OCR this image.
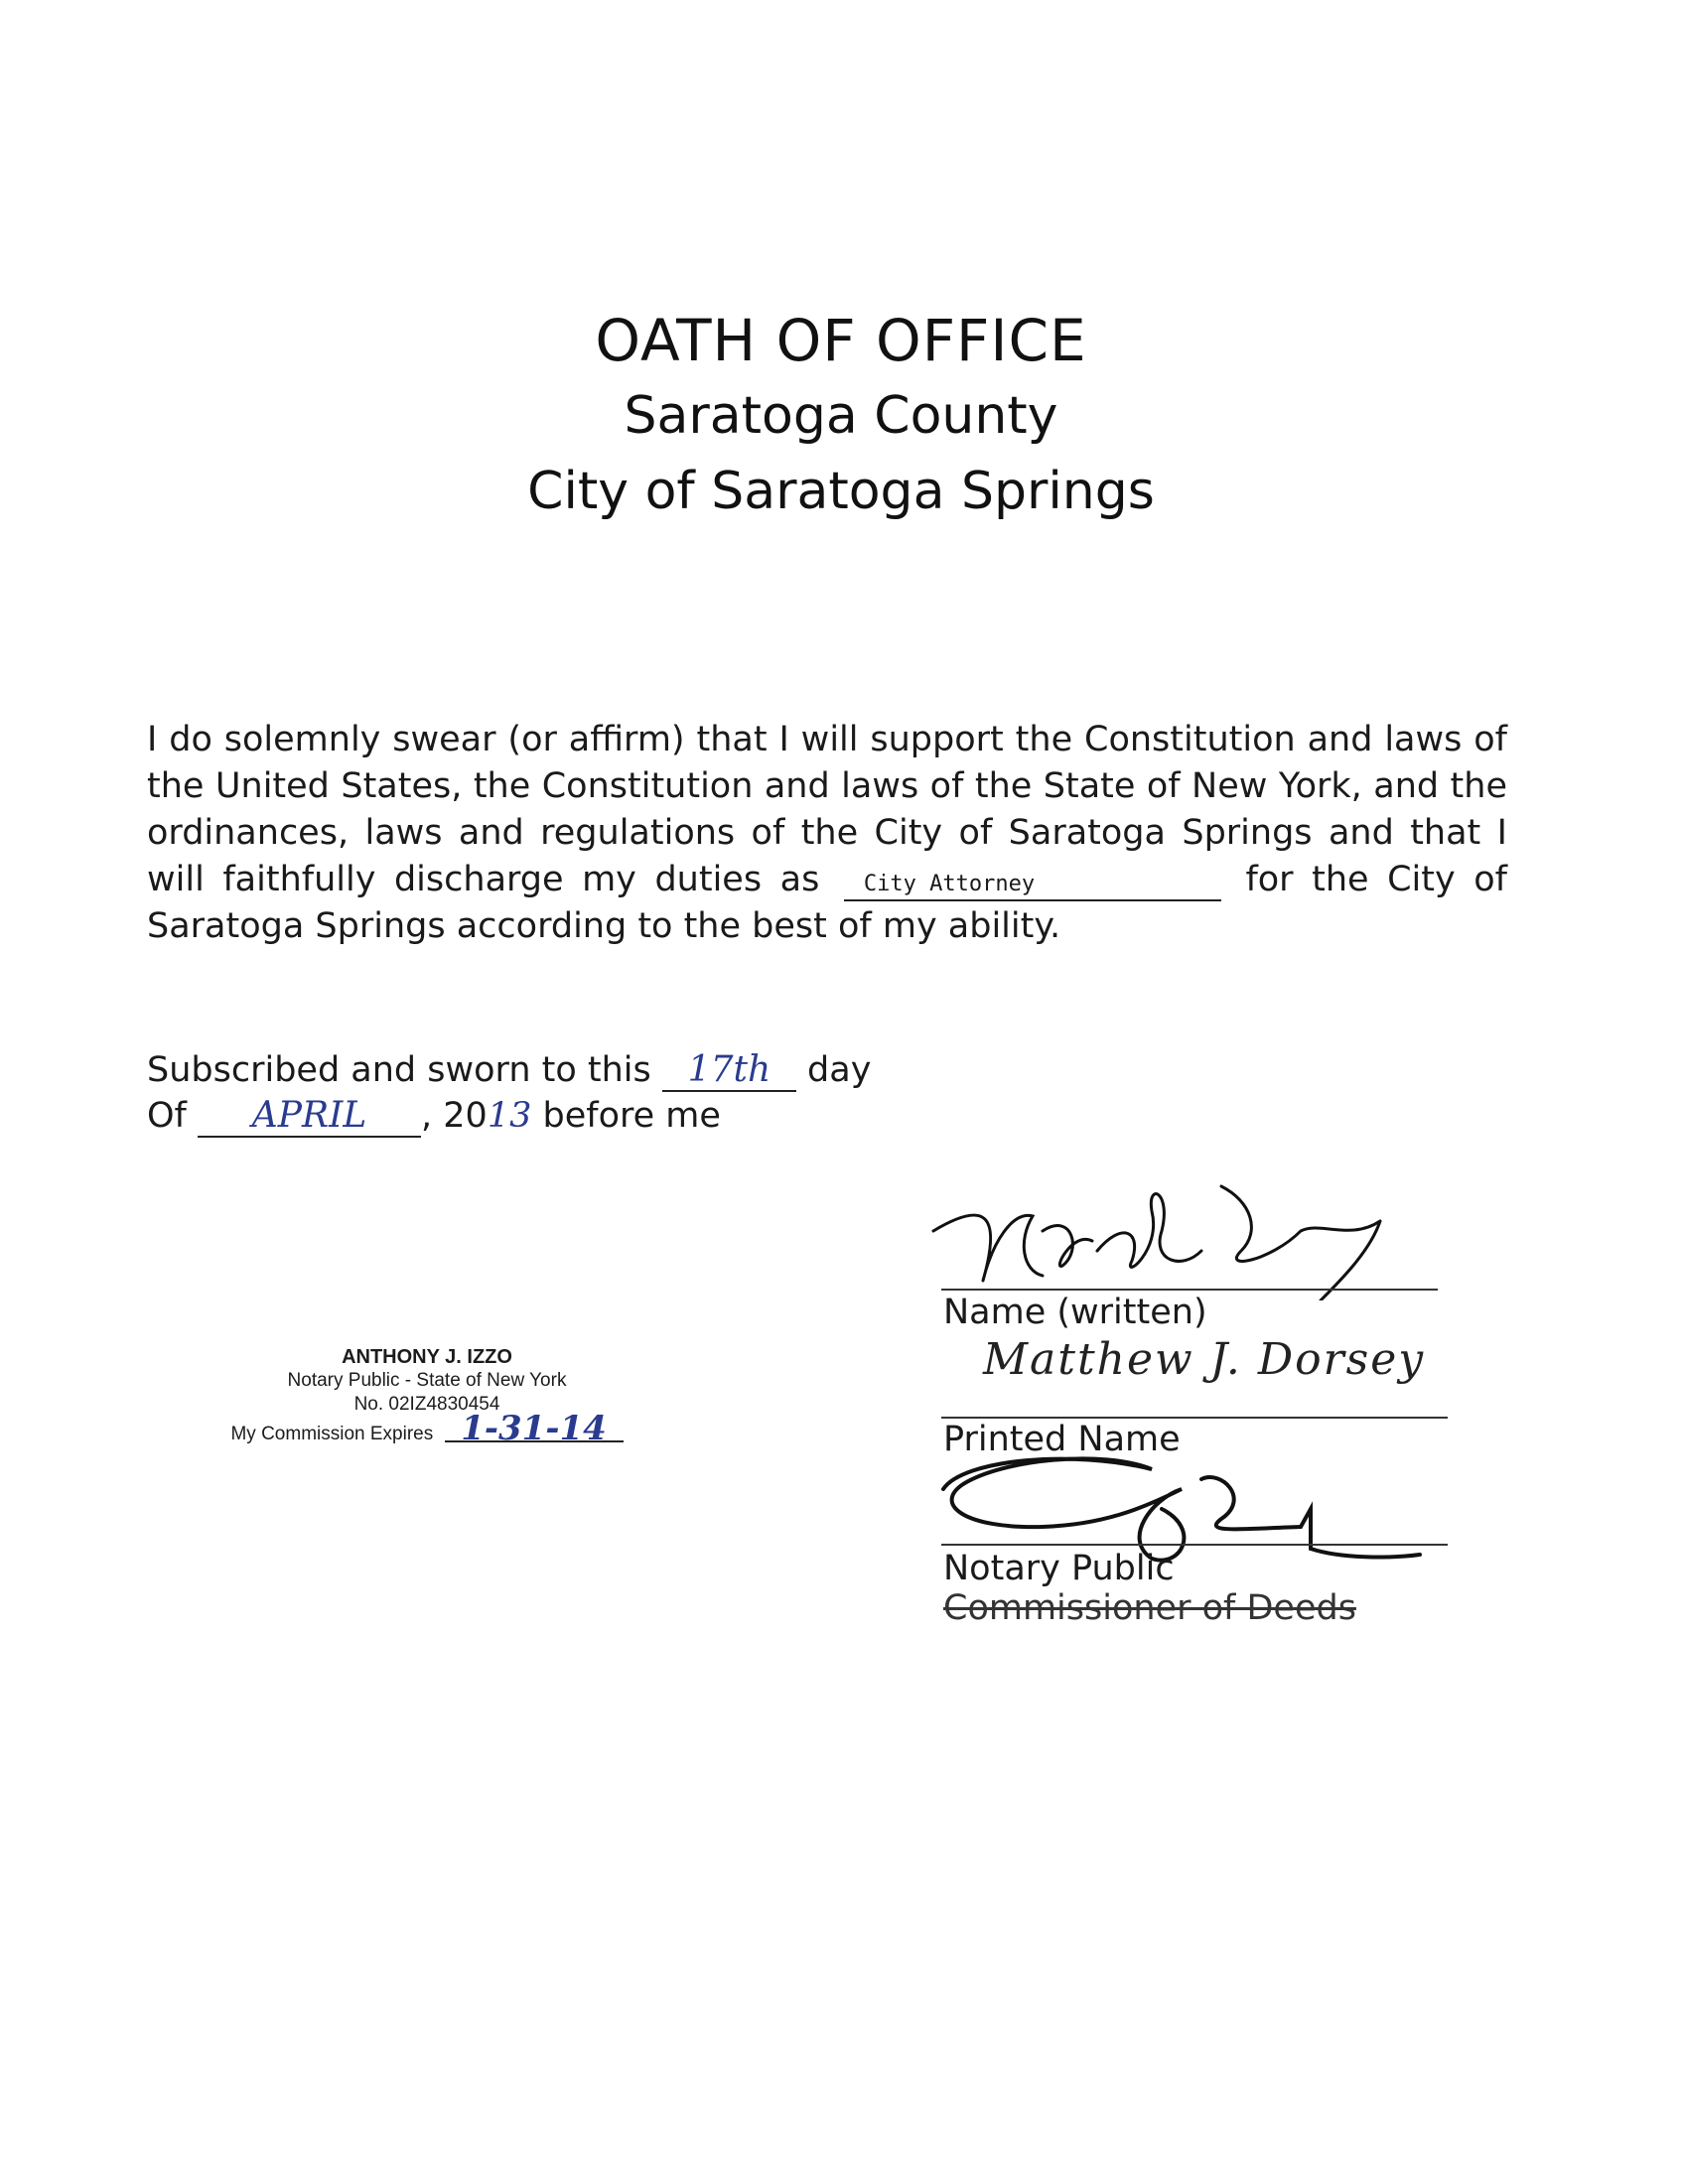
OATH OF OFFICE
Saratoga County
City of Saratoga Springs
I do solemnly swear (or affirm) that I will support the Constitution and laws of the United States, the Constitution and laws of the State of New York, and the ordinances, laws and regulations of the City of Saratoga Springs and that I will faithfully discharge my duties as City Attorney	for the City of Saratoga Springs according to the best of my ability.
Subscribed and sworn to this 17th day
Of APRIL , 2013 before me
ANTHONY J. IZZO
Notary Public - State of New York
No. 02IZ4830454
My Commission Expires 1-31-14
Name (written)
Matthew J. Dorsey
Printed Name
Notary Public
Commissioner of Deeds
